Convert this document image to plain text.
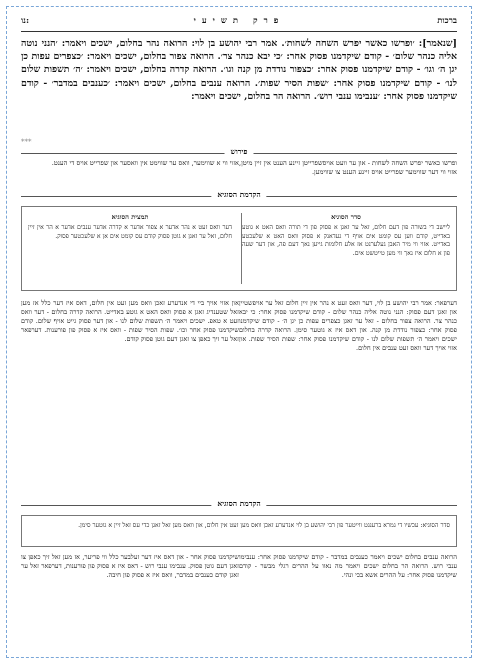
ברכות
פרק תשיעי
נו:
[שנאמר]: ׳ופרשו כאשר יפרש השחה לשחות׳. אמר רבי יהושע בן לוי: הרואה נהר בחלום, ישכים ויאמר: ׳הנני נוטה אליה כנהר שלום׳ - קודם שיקדמנו פסוק אחר: ׳כי יבא כנהר צר׳. הרואה צפור בחלום, ישכים ויאמר: ׳כצפרים עפות כן יגן ה׳ וגו׳ - קודם שיקדמנו פסוק אחר: ׳כצפור נודדת מן קנה וגו׳. הרואה קדרה בחלום, ישכים ויאמר: ׳ה׳ תשפות שלום לנו׳ - קודם שיקדמנו פסוק אחר: ׳שפות הסיר שפות׳. הרואה ענבים בחלום, ישכים ויאמר: ׳כענבים במדבר׳ - קודם שיקדמנו פסוק אחר: ׳ענבימו ענבי רוש׳. הרואה הר בחלום, ישכים ויאמר:
***
פירוש
ופרשו כאשר יפרש השחה לשחות - און ער וועט אויסשפרייטן זיינע הענט אין זיין מיטן, אזוי ווי דער שווימער שפרייט אויס זיינע הענט צו שווימען.
אזוי ווי א שווימער, וואס ער שווימט אין וואסער און שפרייט אויס די הענט.
הקדמת הסוגיא
סדר הסוגיא
ליישב די בשורה פון דעם חלום, זאל ער זאגן א פסוק פון די תורה וואס האט א גוטע באדייט, קודם ווען עס קומט אים אויף די געדאנק א פסוק וואס האט א שלעכטע באדייט. אזוי ווי מיר האבן געלערנט אז אלע חלומות גייען נאך דעם פה, און דער שעה פון א חלום איז נאך ווי מען טייטשט אים.
תמצית הסוגיא
דער וואס זעט א נהר אדער א צפור אדער א קדרה אדער ענבים אדער א הר אין זיין חלום, זאל ער זאגן א גוטן פסוק קודם עס קומט אים אן א שלעכטער פסוק.
דערפאר: אמר רבי יהושע בן לוי, דער וואס זעט א נהר אין זיין חלום זאל ער אויפשטיין און זאגן דעם פסוק: הנני נוטה אליה כנהר שלום - קודם שיקדמנו פסוק אחר: כי יבא כנהר צר. הרואה צפור בחלום - זאל ער זאגן כצפרים עפות כן יגן ה׳ - קודם שיקדמנו פסוק אחר: כצפור נודדת מן קנה. און דאס איז א גוטער סימן. הרואה קדרה בחלום ישכים ויאמר ה׳ תשפות שלום לנו - קודם שיקדמנו פסוק אחר: שפות הסיר שפות. און אזוי אויך דער וואס זעט ענבים אין חלום.
און אזוי אויך ביי די אנדערע זאכן וואס מען זעט אין חלום, דאס איז דער כלל אז מען זאל שטענדיג זאגן א פסוק וואס האט א גוטע באדייט. הרואה קדרה בחלום - דער וואס זעט א טאפ. ישכים ויאמר ה׳ תשפות שלום לנו - און דער פסוק גייט אויף שלום. קודם שיקדמנו פסוק אחר וכו׳. שפות הסיר שפות - וואס איז א פסוק פון פורענות. דערפאר זאל ער זיך כאפן צו זאגן דעם גוטן פסוק קודם.
הקדמת הסוגיא
סדר הסוגיא: עכשיו די גמרא ברענגט ווייטער פון רבי יהושע בן לוי אנדערע זאכן וואס מען זעט אין חלום, און וואס מען זאל זאגן כדי עס זאל זיין א גוטער סימן.
הרואה ענבים בחלום ישכים ויאמר כענבים במדבר - קודם שיקדמנו פסוק אחר: ענבימו ענבי רוש. הרואה הר בחלום ישכים ויאמר מה נאוו על ההרים רגלי מבשר - קודם שיקדמנו פסוק אחר: על ההרים אשא בכי ונהי.
שיקדמנו פסוק אחר - און דאס איז דער זעלבער כלל ווי פריער, אז מען זאל זיך כאפן צו זאגן דעם גוטן פסוק. ענבימו ענבי רוש - דאס איז א פסוק פון פורענות, דערפאר זאל ער זאגן קודם כענבים במדבר, וואס איז א פסוק פון חיבה.
